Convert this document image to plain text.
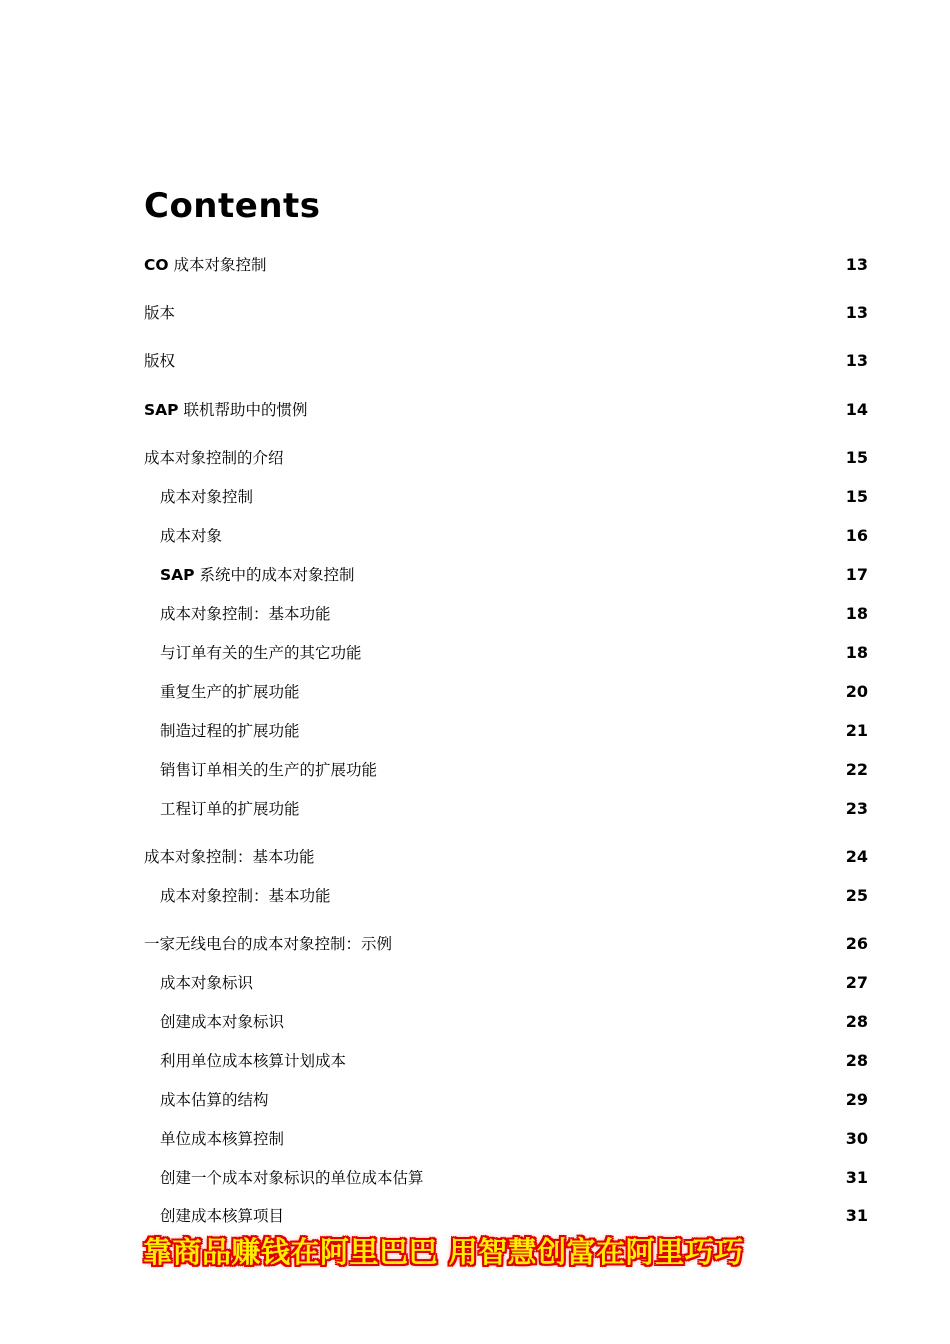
Contents
CO 成本对象控制	13
版本	13
版权	13
SAP 联机帮助中的惯例	14
成本对象控制的介绍	15
成本对象控制	15
成本对象	16
SAP 系统中的成本对象控制	17
成本对象控制：基本功能	18
与订单有关的生产的其它功能	18
重复生产的扩展功能	20
制造过程的扩展功能	21
销售订单相关的生产的扩展功能	22
工程订单的扩展功能	23
成本对象控制：基本功能	24
成本对象控制：基本功能	25
一家无线电台的成本对象控制：示例	26
成本对象标识	27
创建成本对象标识	28
利用单位成本核算计划成本	28
成本估算的结构	29
单位成本核算控制	30
创建一个成本对象标识的单位成本估算	31
创建成本核算项目	31
靠商品赚钱在阿里巴巴 用智慧创富在阿里巧巧
